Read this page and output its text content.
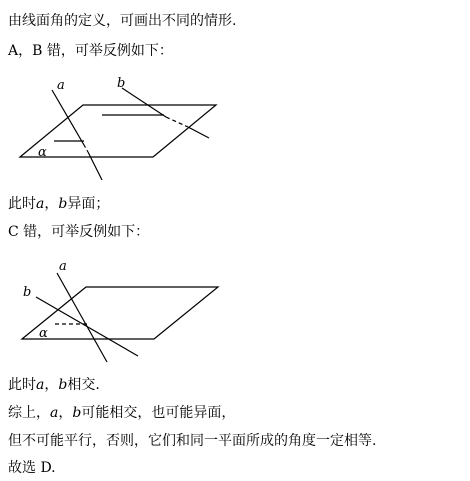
由线面角的定义，可画出不同的情形.
A，B 错，可举反例如下：
a	b
α
此时a，b异面；
C 错，可举反例如下：
a
b
α
此时a，b相交.
综上，a，b可能相交，也可能异面，
但不可能平行，否则，它们和同一平面所成的角度一定相等.
故选 D.
